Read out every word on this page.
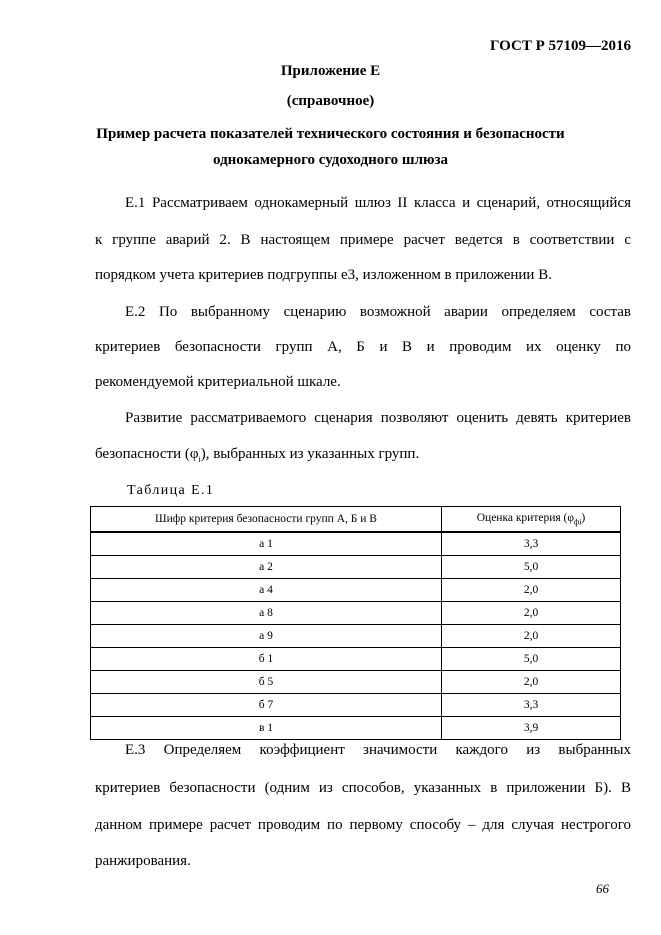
ГОСТ Р 57109—2016
Приложение Е
(справочное)
Пример расчета показателей технического состояния и безопасности
однокамерного судоходного шлюза
Е.1 Рассматриваем однокамерный шлюз II класса и сценарий, относящийся
к группе аварий 2. В настоящем примере расчет ведется в соответствии с
порядком учета критериев подгруппы е3, изложенном в приложении В.
Е.2 По выбранному сценарию возможной аварии определяем состав
критериев безопасности групп А, Б и В и проводим их оценку по
рекомендуемой критериальной шкале.
Развитие рассматриваемого сценария позволяют оценить девять критериев
безопасности $(\varphi_i)$, выбранных из указанных групп.
Таблица Е.1
Шифр критерия безопасности групп А, Б и В	Оценка критерия $(\varphi_{фi})$
а 1	3,3
а 2	5,0
а 4	2,0
а 8	2,0
а 9	2,0
б 1	5,0
б 5	2,0
б 7	3,3
в 1	3,9
Е.3 Определяем коэффициент значимости каждого из выбранных
критериев безопасности (одним из способов, указанных в приложении Б). В
данном примере расчет проводим по первому способу – для случая нестрогого
ранжирования.
66
